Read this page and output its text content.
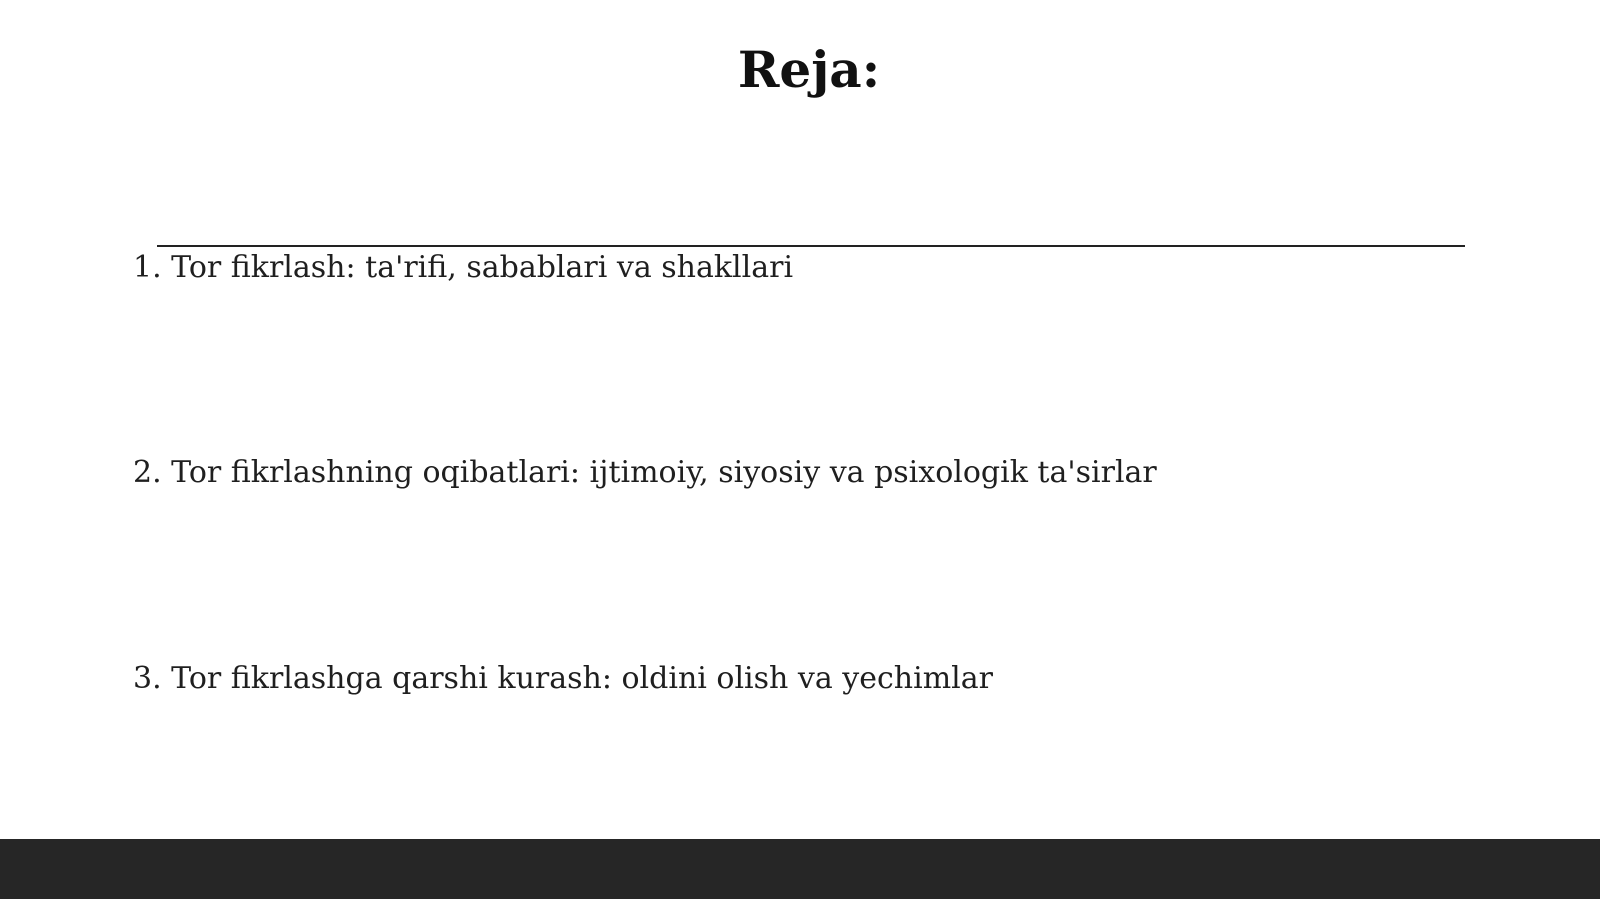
Reja:
1. Tor fikrlash: ta'rifi, sabablari va shakllari
2. Tor fikrlashning oqibatlari: ijtimoiy, siyosiy va psixologik ta'sirlar
3. Tor fikrlashga qarshi kurash: oldini olish va yechimlar
